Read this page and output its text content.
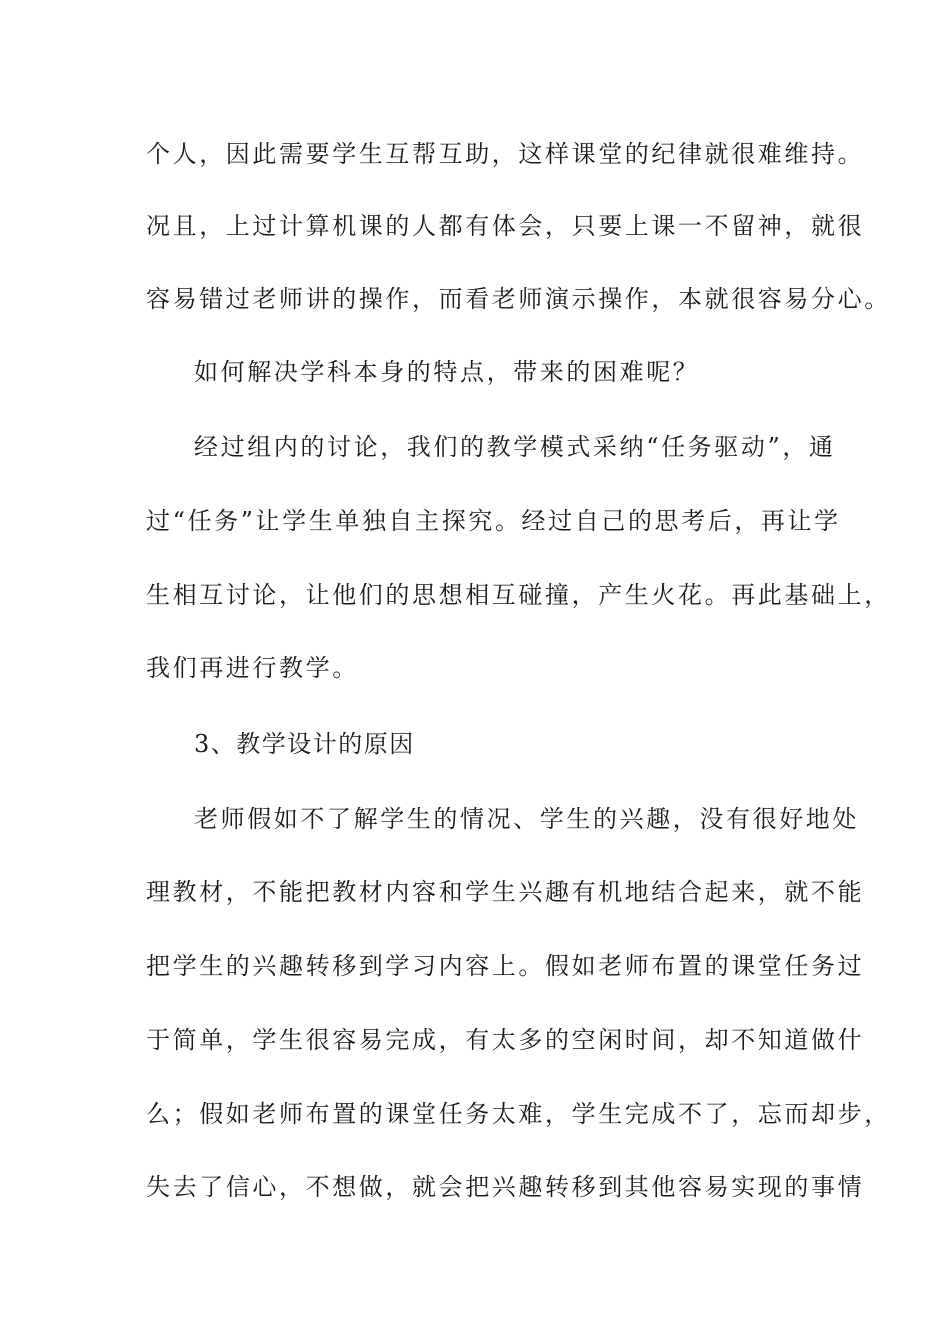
个人，因此需要学生互帮互助，这样课堂的纪律就很难维持。
况且，上过计算机课的人都有体会，只要上课一不留神，就很
容易错过老师讲的操作，而看老师演示操作，本就很容易分心。
如何解决学科本身的特点，带来的困难呢？
经过组内的讨论，我们的教学模式采纳“任务驱动”，通
过“任务”让学生单独自主探究。经过自己的思考后，再让学
生相互讨论，让他们的思想相互碰撞，产生火花。再此基础上，
我们再进行教学。
3、教学设计的原因
老师假如不了解学生的情况、学生的兴趣，没有很好地处
理教材，不能把教材内容和学生兴趣有机地结合起来，就不能
把学生的兴趣转移到学习内容上。假如老师布置的课堂任务过
于简单，学生很容易完成，有太多的空闲时间，却不知道做什
么；假如老师布置的课堂任务太难，学生完成不了，忘而却步，
失去了信心，不想做，就会把兴趣转移到其他容易实现的事情
